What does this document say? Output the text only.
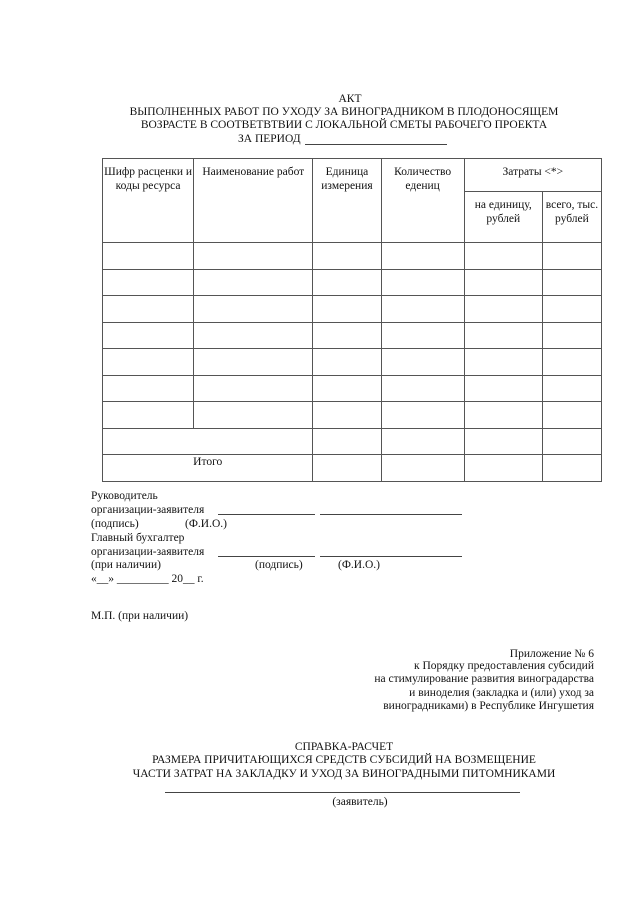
АКТ
ВЫПОЛНЕННЫХ РАБОТ ПО УХОДУ ЗА ВИНОГРАДНИКОМ В ПЛОДОНОСЯЩЕМ
ВОЗРАСТЕ В СООТВЕТВТВИИ С ЛОКАЛЬНОЙ СМЕТЫ РАБОЧЕГО ПРОЕКТА
ЗА ПЕРИОД
Шифр расценки и коды ресурса	Наименование работ	Единица измерения	Количество едениц	Затраты <*>	
				на единицу, рублей	всего, тыс. рублей

Итого					
Руководитель
организации-заявителя
(подпись)	(Ф.И.О.)
Главный бухгалтер
организации-заявителя
(при наличии)	(подпись)	(Ф.И.О.)
«__» _________ 20__ г.
М.П. (при наличии)
Приложение № 6
к Порядку предоставления субсидий
на стимулирование развития виноградарства
и виноделия (закладка и (или) уход за
виноградниками) в Республике Ингушетия
СПРАВКА-РАСЧЕТ
РАЗМЕРА ПРИЧИТАЮЩИХСЯ СРЕДСТВ СУБСИДИЙ НА ВОЗМЕЩЕНИЕ
ЧАСТИ ЗАТРАТ НА ЗАКЛАДКУ И УХОД ЗА ВИНОГРАДНЫМИ ПИТОМНИКАМИ
(заявитель)
